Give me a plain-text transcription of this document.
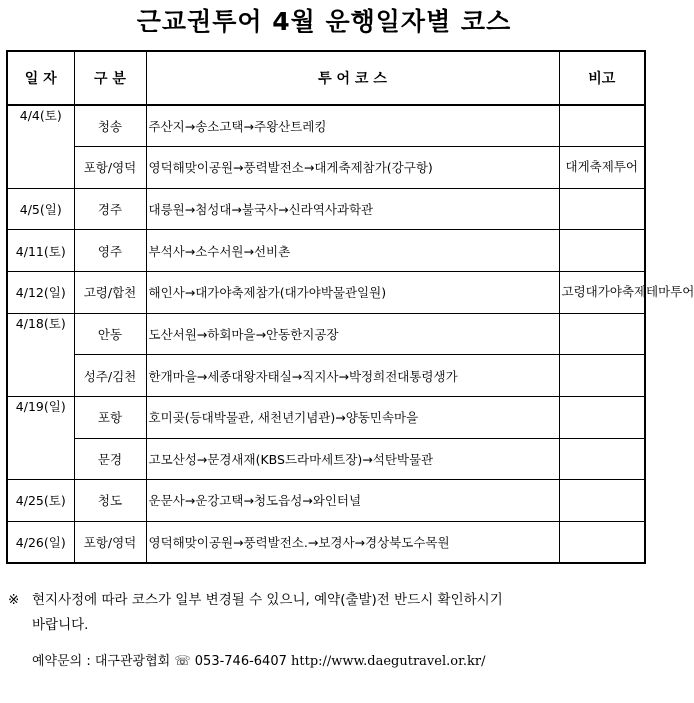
근교권투어 4월 운행일자별 코스
일 자	구 분	투 어 코 스	비고
4/4(토)	청송	주산지→송소고택→주왕산트레킹	
	포항/영덕	영덕해맞이공원→풍력발전소→대게축제참가(강구항)	대게축제투어
4/5(일)	경주	대릉원→첨성대→불국사→신라역사과학관	
4/11(토)	영주	부석사→소수서원→선비촌	
4/12(일)	고령/합천	해인사→대가야축제참가(대가야박물관일원)	고령대가야축제테마투어
4/18(토)	안동	도산서원→하회마을→안동한지공장	
	성주/김천	한개마을→세종대왕자태실→직지사→박정희전대통령생가	
4/19(일)	포항	호미곶(등대박물관, 새천년기념관)→양동민속마을	
	문경	고모산성→문경새재(KBS드라마세트장)→석탄박물관	
4/25(토)	청도	운문사→운강고택→청도읍성→와인터널	
4/26(일)	포항/영덕	영덕해맞이공원→풍력발전소.→보경사→경상북도수목원	
※ 현지사정에 따라 코스가 일부 변경될 수 있으니, 예약(출발)전 반드시 확인하시기
바랍니다.
예약문의 : 대구관광협회 ☏ 053-746-6407 http://www.daegutravel.or.kr/
